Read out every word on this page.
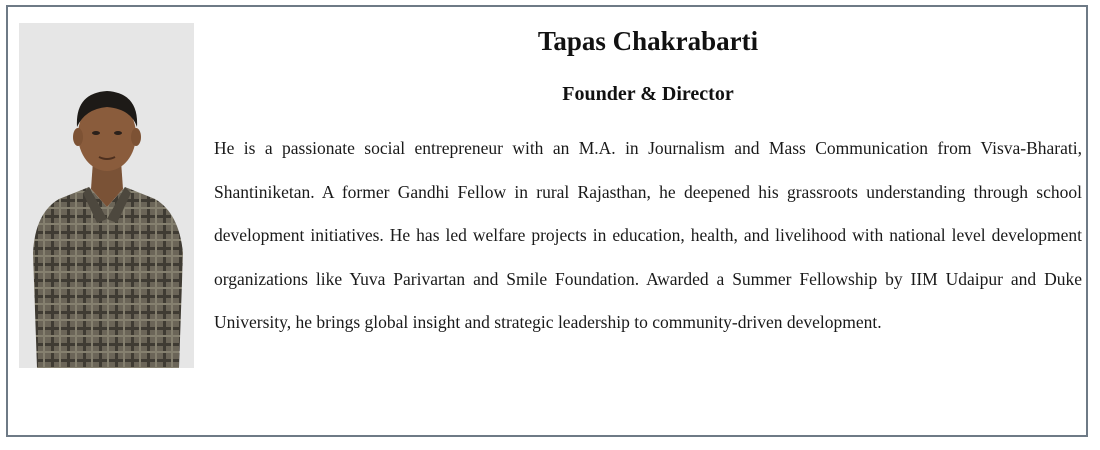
Tapas Chakrabarti
Founder & Director

He is a passionate social entrepreneur with an M.A. in Journalism and Mass Communication from Visva-Bharati, Shantiniketan. A former Gandhi Fellow in rural Rajasthan, he deepened his grassroots understanding through school development initiatives. He has led welfare projects in education, health, and livelihood with national level development organizations like Yuva Parivartan and Smile Foundation. Awarded a Summer Fellowship by IIM Udaipur and Duke University, he brings global insight and strategic leadership to community-driven development.
